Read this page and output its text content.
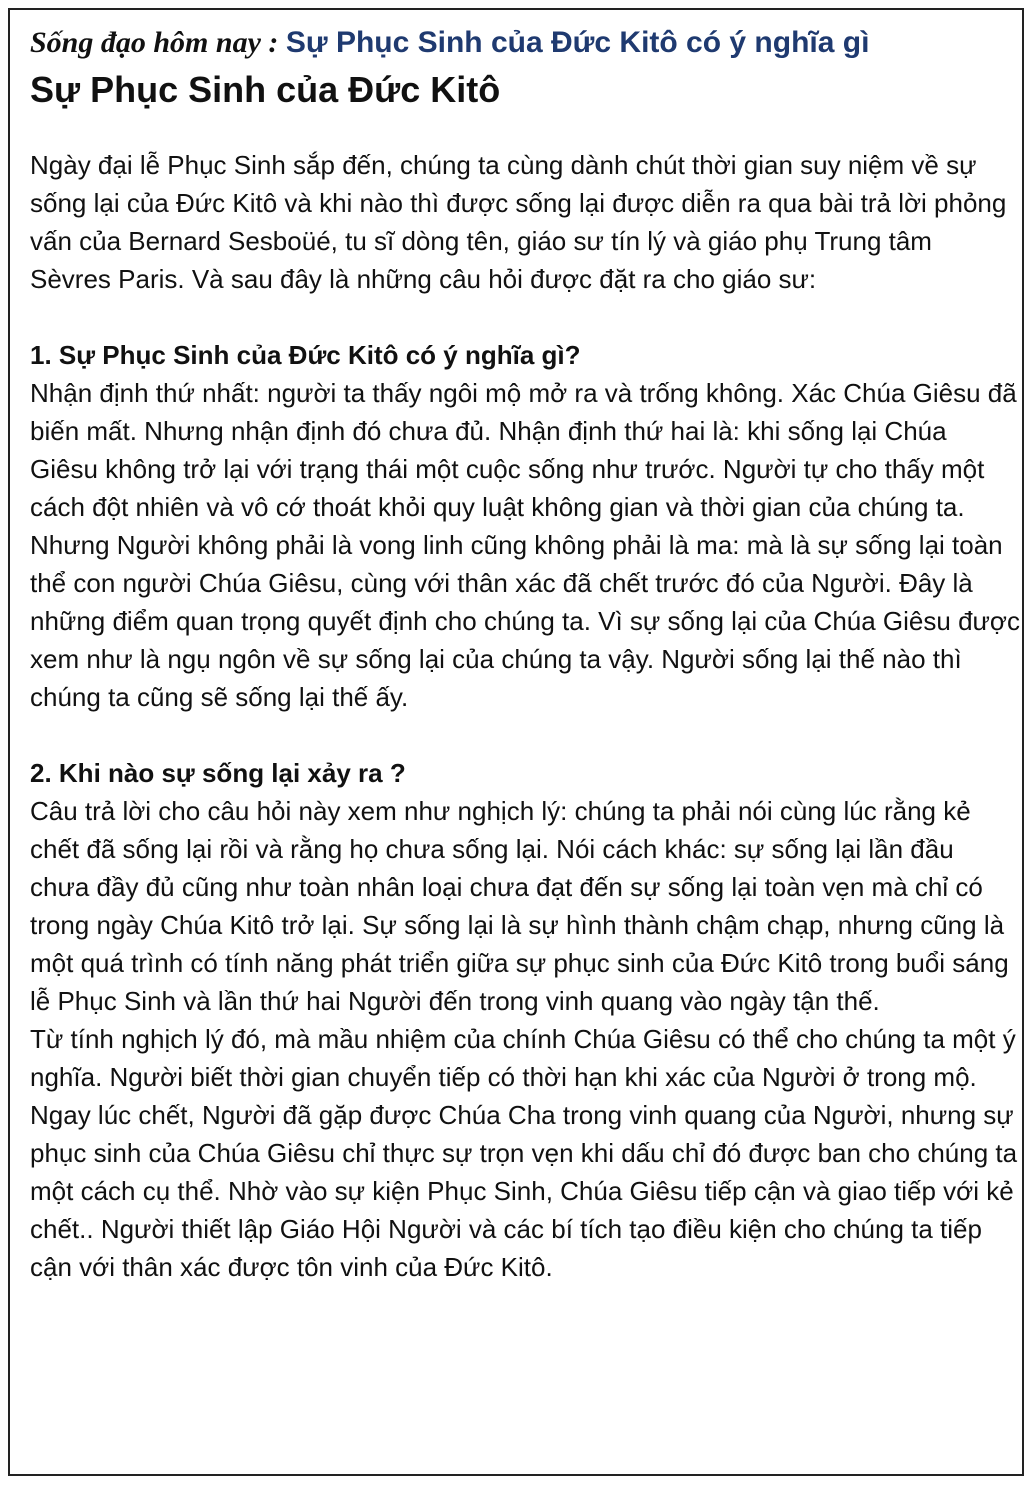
Sống đạo hôm nay : Sự Phục Sinh của Đức Kitô có ý nghĩa gì

Sự Phục Sinh của Đức Kitô

Ngày đại lễ Phục Sinh sắp đến, chúng ta cùng dành chút thời gian suy niệm về sự sống lại của Đức Kitô và khi nào thì được sống lại được diễn ra qua bài trả lời phỏng vấn của Bernard Sesboüé, tu sĩ dòng tên, giáo sư tín lý và giáo phụ Trung tâm Sèvres Paris. Và sau đây là những câu hỏi được đặt ra cho giáo sư:

1. Sự Phục Sinh của Đức Kitô có ý nghĩa gì?

Nhận định thứ nhất: người ta thấy ngôi mộ mở ra và trống không. Xác Chúa Giêsu đã biến mất. Nhưng nhận định đó chưa đủ. Nhận định thứ hai là: khi sống lại Chúa Giêsu không trở lại với trạng thái một cuộc sống như trước. Người tự cho thấy một cách đột nhiên và vô cớ thoát khỏi quy luật không gian và thời gian của chúng ta. Nhưng Người không phải là vong linh cũng không phải là ma: mà là sự sống lại toàn thể con người Chúa Giêsu, cùng với thân xác đã chết trước đó của Người. Đây là những điểm quan trọng quyết định cho chúng ta. Vì sự sống lại của Chúa Giêsu được xem như là ngụ ngôn về sự sống lại của chúng ta vậy. Người sống lại thế nào thì chúng ta cũng sẽ sống lại thế ấy.

2. Khi nào sự sống lại xảy ra ?

Câu trả lời cho câu hỏi này xem như nghịch lý: chúng ta phải nói cùng lúc rằng kẻ chết đã sống lại rồi và rằng họ chưa sống lại. Nói cách khác: sự sống lại lần đầu chưa đầy đủ cũng như toàn nhân loại chưa đạt đến sự sống lại toàn vẹn mà chỉ có trong ngày Chúa Kitô trở lại. Sự sống lại là sự hình thành chậm chạp, nhưng cũng là một quá trình có tính năng phát triển giữa sự phục sinh của Đức Kitô trong buổi sáng lễ Phục Sinh và lần thứ hai Người đến trong vinh quang vào ngày tận thế.

Từ tính nghịch lý đó, mà mầu nhiệm của chính Chúa Giêsu có thể cho chúng ta một ý nghĩa. Người biết thời gian chuyển tiếp có thời hạn khi xác của Người ở trong mộ. Ngay lúc chết, Người đã gặp được Chúa Cha trong vinh quang của Người, nhưng sự phục sinh của Chúa Giêsu chỉ thực sự trọn vẹn khi dấu chỉ đó được ban cho chúng ta một cách cụ thể. Nhờ vào sự kiện Phục Sinh, Chúa Giêsu tiếp cận và giao tiếp với kẻ chết.. Người thiết lập Giáo Hội Người và các bí tích tạo điều kiện cho chúng ta tiếp cận với thân xác được tôn vinh của Đức Kitô.
